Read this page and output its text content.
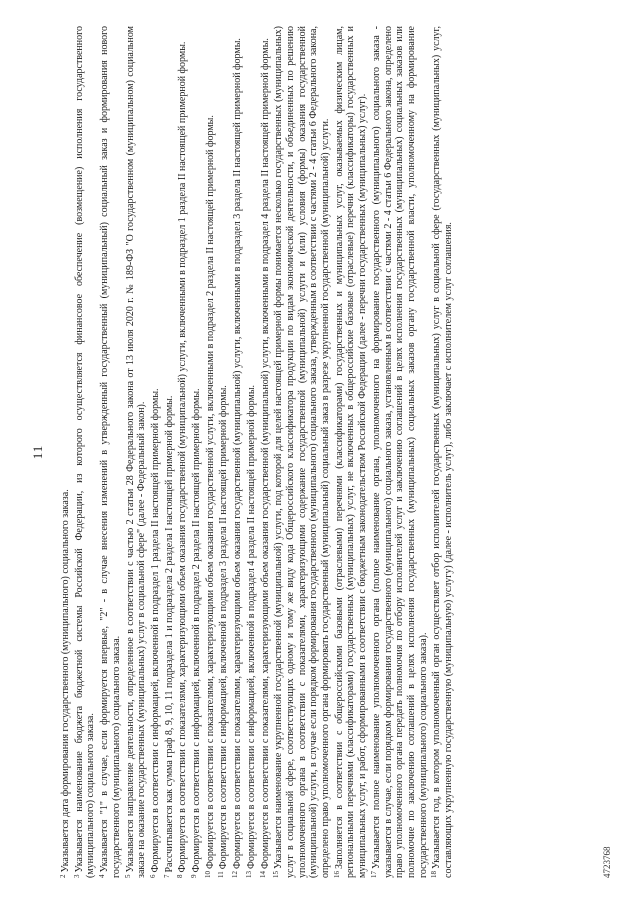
11

$^2$Указывается дата формирования государственного (муниципального) социального заказа.

$^3$Указывается наименование бюджета бюджетной системы Российской Федерации, из которого осуществляется финансовое обеспечение (возмещение) исполнения государственного (муниципального) социального заказа. $^4$Указывается "1" в случае, если формируется впервые, "2" - в случае внесения изменений в утвержденный государственный (муниципальный) социальный заказ и формирования нового государственного (муниципального) социального заказа. $^5$Указывается направление деятельности, определенное в соответствии с частью 2 статьи 28 Федерального закона от 13 июля 2020 г. № 189-ФЗ "О государственном (муниципальном) социальном заказе на оказание государственных (муниципальных) услуг в социальной сфере" (далее - Федеральный закон). $^6$Формируется в соответствии с информацией, включенной в подраздел 1 раздела II настоящей примерной формы.

$^7$Рассчитывается как сумма граф 8, 9, 10, 11 подраздела 1 и подраздела 2 раздела I настоящей примерной формы.

$^8$Формируется в соответствии с показателями, характеризующими объем оказания государственной (муниципальной) услуги, включенными в подраздел 1 раздела II настоящей примерной формы.

$^9$Формируется в соответствии с информацией, включенной в подраздел 2 раздела II настоящей примерной формы.

$^{10}$Формируется в соответствии с показателями, характеризующими объем оказания государственной услуги, включенными в подраздел 2 раздела II настоящей примерной формы.

$^{11}$Формируется в соответствии с информацией, включенной в подраздел 3 раздела II настоящей примерной формы.

$^{12}$Формируется в соответствии с показателями, характеризующими объем оказания государственной (муниципальной) услуги, включенными в подраздел 3 раздела II настоящей примерной формы.

$^{13}$Формируется в соответствии с информацией, включенной в подраздел 4 раздела II настоящей примерной формы.

$^{14}$Формируется в соответствии с показателями, характеризующими объем оказания государственной (муниципальной) услуги, включенными в подраздел 4 раздела II настоящей примерной формы.

$^{15}$Указывается наименование укрупненной государственной (муниципальной) услуги, под которой для целей настоящей примерной формы понимается несколько государственных (муниципальных) услуг в социальной сфере, соответствующих одному и тому же виду кода Общероссийского классификатора продукции по видам экономической деятельности, и объединенных по решению уполномоченного органа в соответствии с показателями, характеризующими содержание государственной (муниципальной) услуги и (или) условия (формы) оказания государственной (муниципальной) услуги, в случае если порядком формирования государственного (муниципального) социального заказа, утвержденным в соответствии с частями 2 - 4 статьи 6 Федерального закона, определено право уполномоченного органа формировать государственный (муниципальный) социальный заказ в разрезе укрупненной государственной (муниципальной) услуги. $^{16}$Заполняется в соответствии с общероссийскими базовыми (отраслевыми) перечнями (классификаторами) государственных и муниципальных услуг, оказываемых физическим лицам, региональными перечнями (классификаторами) государственных (муниципальных) услуг, не включенных в общероссийские базовые (отраслевые) перечни (классификаторы) государственных и муниципальных услуг, и работ, сформированными в соответствии с бюджетным законодательством Российской Федерации (далее - перечни государственных (муниципальных) услуг). $^{17}$Указывается полное наименование уполномоченного органа (полное наименование органа, уполномоченного на формирование государственного (муниципального) социального заказа - указывается в случае, если порядком формирования государственного (муниципального) социального заказа, установленным в соответствии с частями 2 - 4 статьи 6 Федерального закона, определено право уполномоченного органа передать полномочия по отбору исполнителей услуг и заключению соглашений в целях исполнения государственных (муниципальных) социальных заказов или полномочие по заключению соглашений в целях исполнения государственных (муниципальных) социальных заказов органу государственной власти, уполномоченному на формирование государственного (муниципального) социального заказа). $^{18}$Указывается год, в котором уполномоченный орган осуществляет отбор исполнителей государственных (муниципальных) услуг в социальной сфере (государственных (муниципальных) услуг, составляющих укрупненную государственную (муниципальную) услугу) (далее - исполнитель услуг), либо заключает с исполнителем услуг соглашения.	4723768
